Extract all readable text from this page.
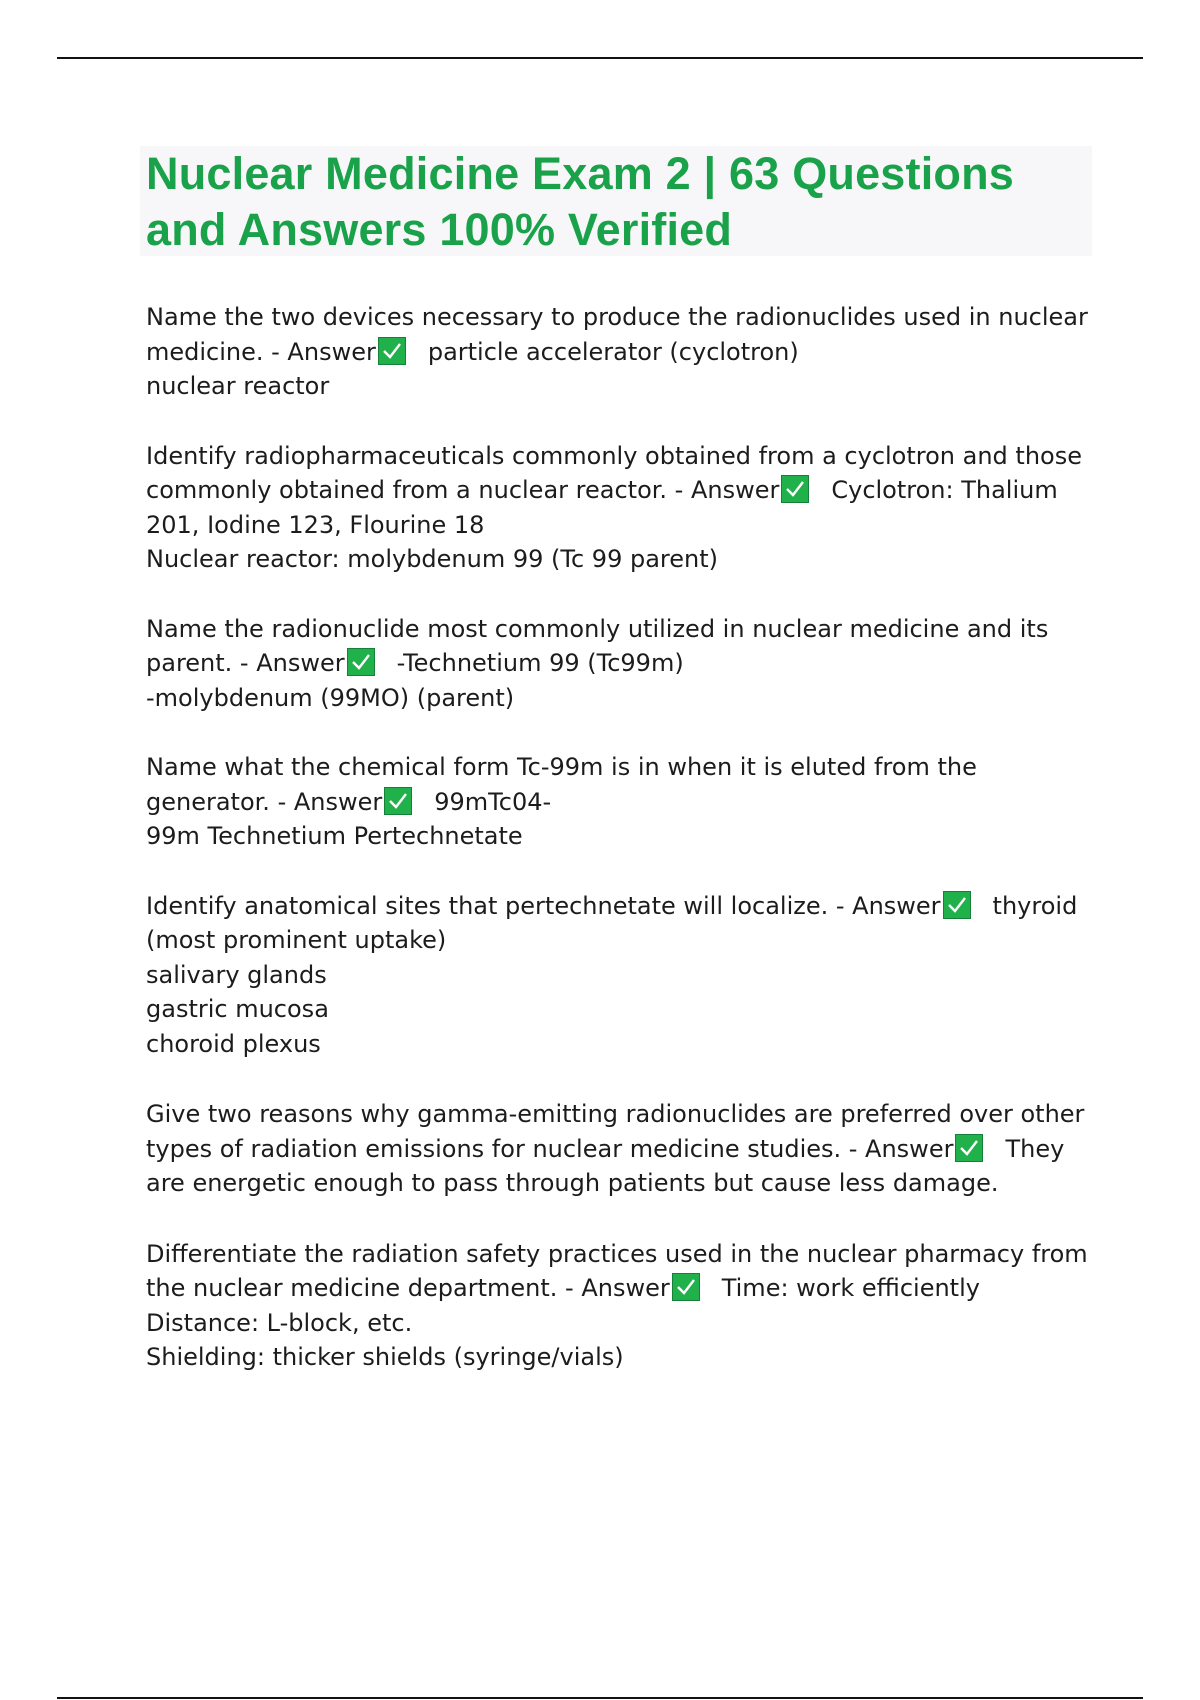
Nuclear Medicine Exam 2 | 63 Questions and Answers 100% Verified

Name the two devices necessary to produce the radionuclides used in nuclear medicine. - Answer particle accelerator (cyclotron)
nuclear reactor

Identify radiopharmaceuticals commonly obtained from a cyclotron and those commonly obtained from a nuclear reactor. - Answer Cyclotron: Thalium 201, Iodine 123, Flourine 18
Nuclear reactor: molybdenum 99 (Tc 99 parent)

Name the radionuclide most commonly utilized in nuclear medicine and its parent. - Answer -Technetium 99 (Tc99m)
-molybdenum (99MO) (parent)

Name what the chemical form Tc-99m is in when it is eluted from the generator. - Answer 99mTc04-
99m Technetium Pertechnetate

Identify anatomical sites that pertechnetate will localize. - Answer thyroid (most prominent uptake)
salivary glands
gastric mucosa
choroid plexus

Give two reasons why gamma-emitting radionuclides are preferred over other types of radiation emissions for nuclear medicine studies. - Answer They are energetic enough to pass through patients but cause less damage.

Differentiate the radiation safety practices used in the nuclear pharmacy from the nuclear medicine department. - Answer Time: work efficiently
Distance: L-block, etc.
Shielding: thicker shields (syringe/vials)
